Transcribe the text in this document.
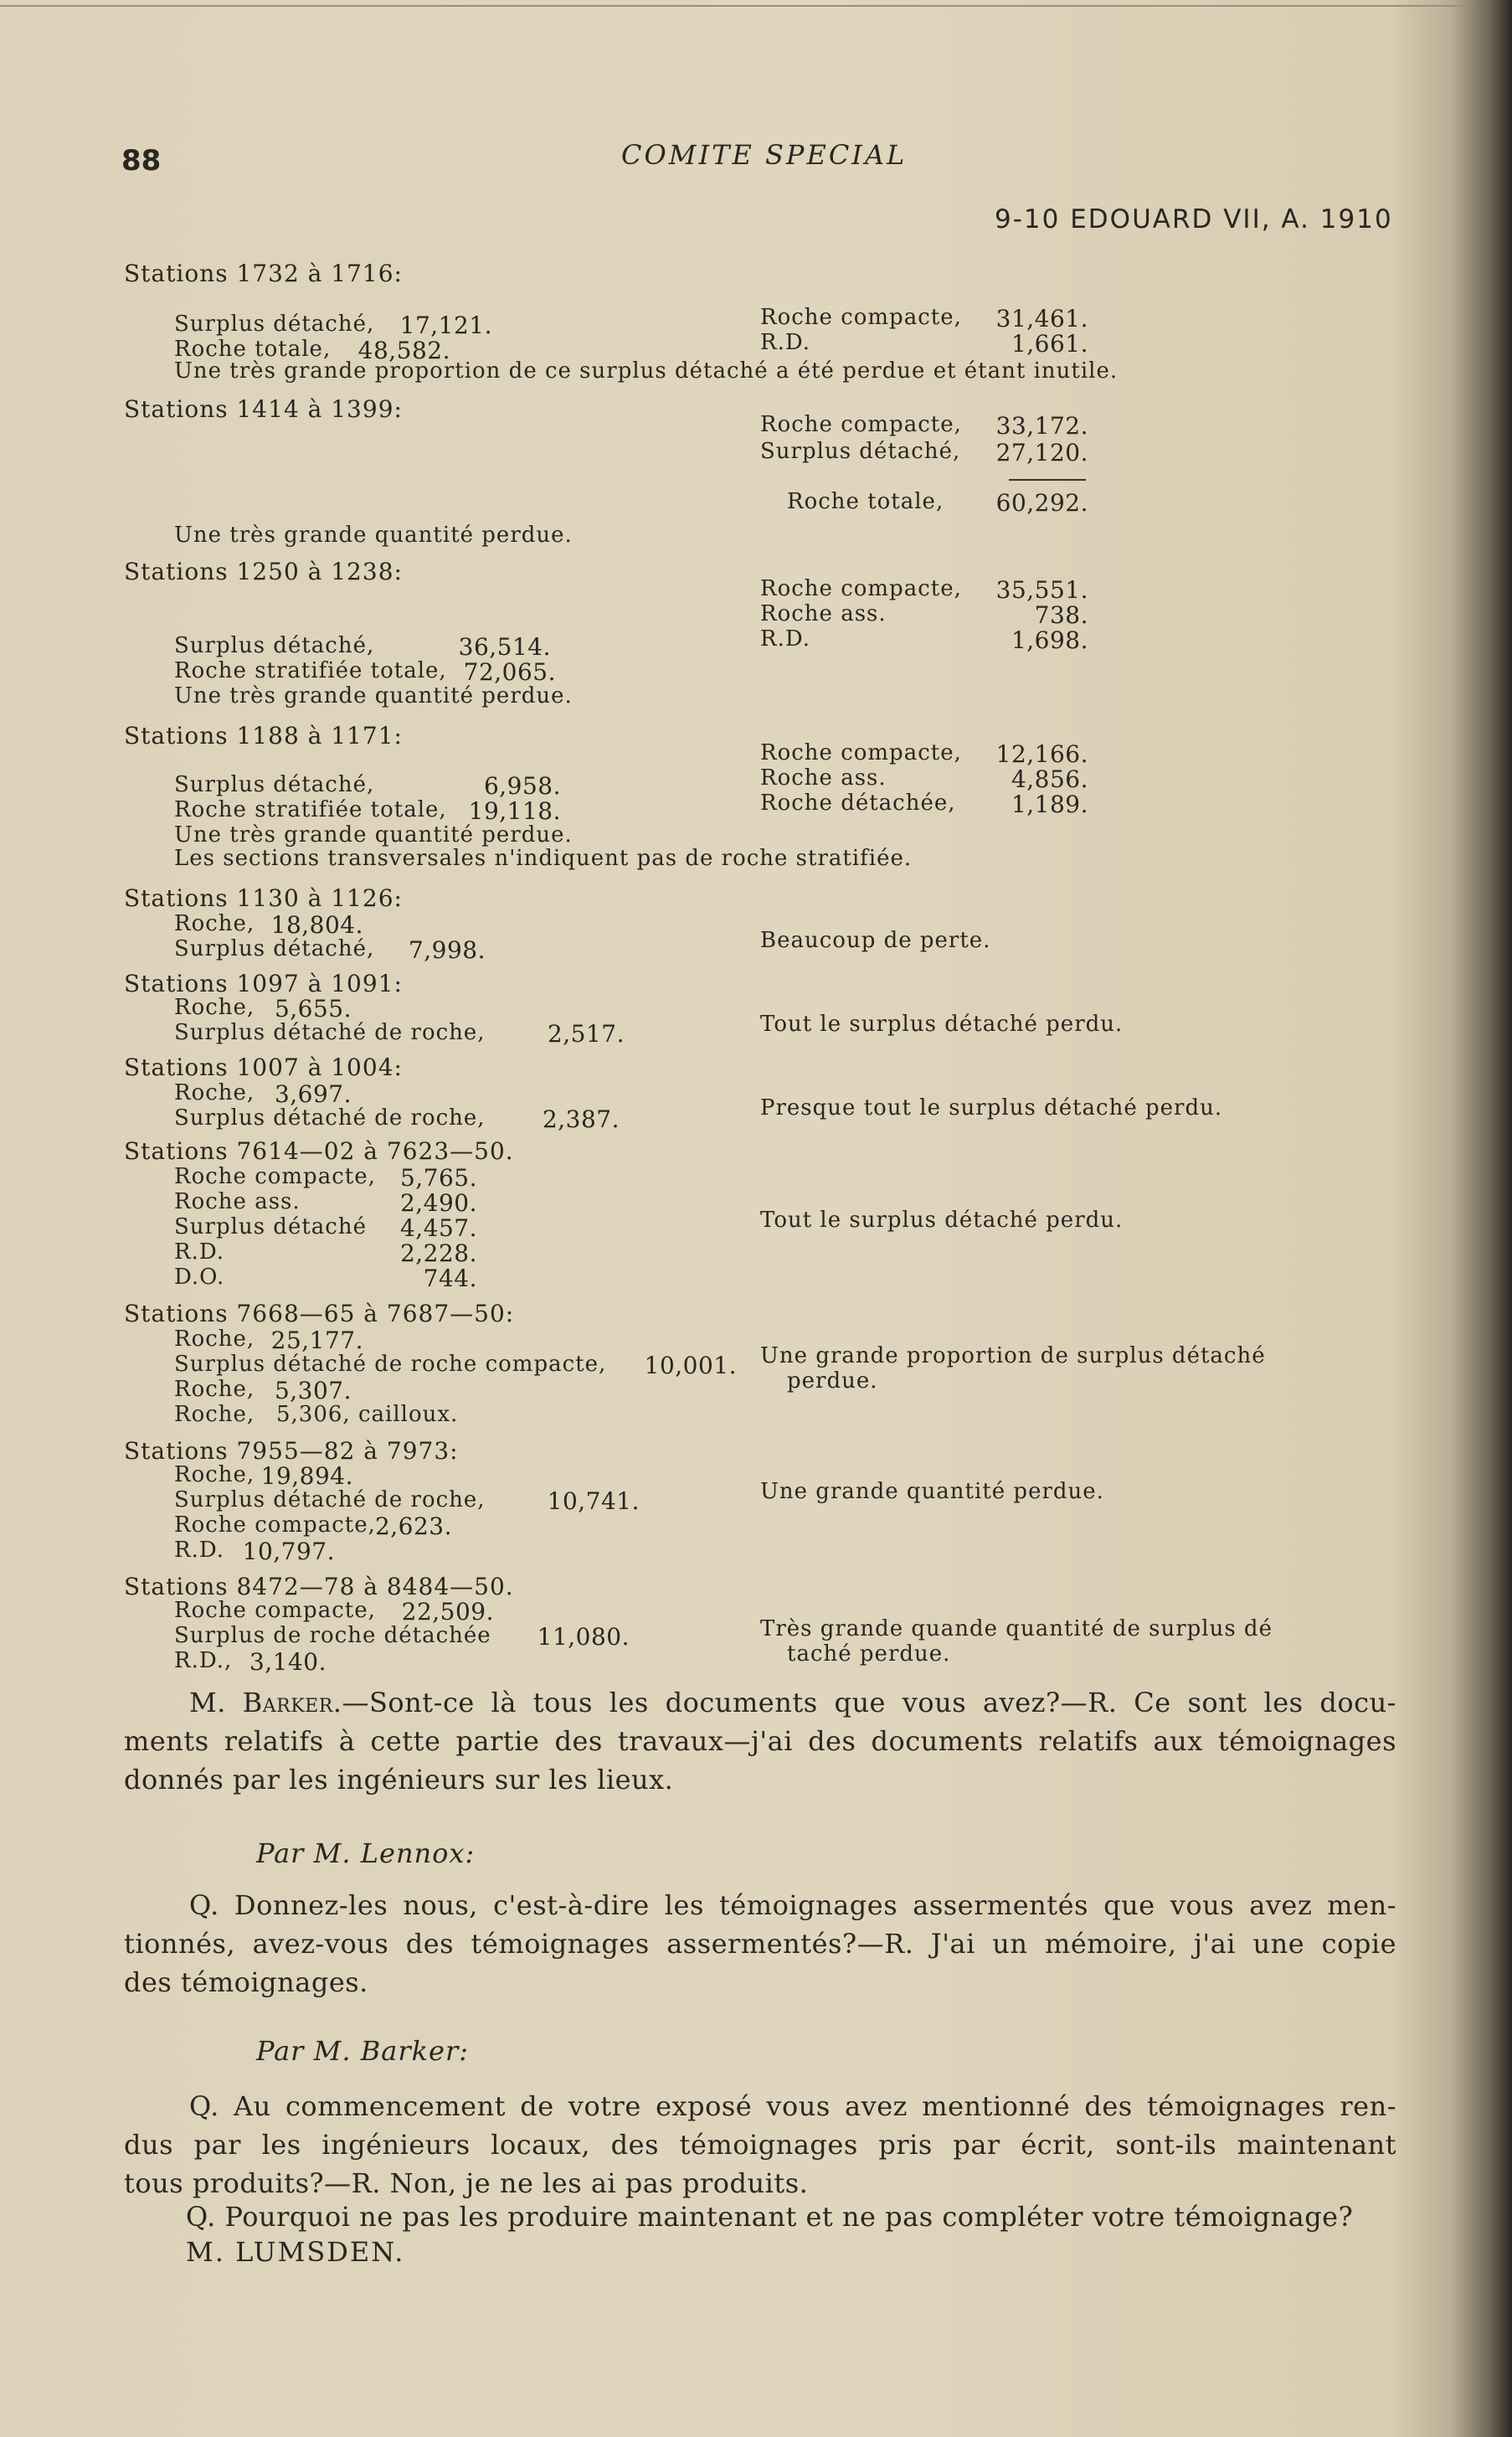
88	COMITE SPECIAL
9-10 EDOUARD VII, A. 1910
Stations 1732 à 1716:
Surplus détaché,	17,121.
Roche totale, 48,582.
Roche compacte,	31,461.
R.D.	1,661.
Une très grande proportion de ce surplus détaché a été perdue et étant inutile.
Stations 1414 à 1399:
Roche compacte,	33,172.
Surplus détaché,	27,120.
Roche totale,	60,292.
Une très grande quantité perdue.
Stations 1250 à 1238:
Roche compacte,	35,551.
Roche ass.	738.
R.D.	1,698.
Surplus détaché,	36,514.
Roche stratifiée totale, 72,065.
Une très grande quantité perdue.
Stations 1188 à 1171:
Roche compacte,	12,166.
Roche ass.	4,856.
Roche détachée,	1,189.
Surplus détaché,	6,958.
Roche stratifiée totale, 19,118.
Une très grande quantité perdue.
Les sections transversales n'indiquent pas de roche stratifiée.
Stations 1130 à 1126:
Roche, 18,804.
Surplus détaché,	7,998.	Beaucoup de perte.
Stations 1097 à 1091:
Roche, 5,655.
Surplus détaché de roche,	2,517.	Tout le surplus détaché perdu.
Stations 1007 à 1004:
Roche, 3,697.
Surplus détaché de roche,	2,387.	Presque tout le surplus détaché perdu.
Stations 7614—02 à 7623—50.
Roche compacte,	5,765.
Roche ass.	2,490.
Surplus détaché	4,457.
R.D.	2,228.
D.O.	744.
Tout le surplus détaché perdu.
Stations 7668—65 à 7687—50:
Roche, 25,177.
Surplus détaché de roche compacte,	10,001.
Roche, 5,307.
Roche, 5,306, cailloux.
Une grande proportion de surplus détaché
perdue.
Stations 7955—82 à 7973:
Roche, 19,894.
Surplus détaché de roche,	10,741.
Roche compacte, 2,623.
R.D. 10,797.
Une grande quantité perdue.
Stations 8472—78 à 8484—50.
Roche compacte,	22,509.
Surplus de roche détachée	11,080.
R.D., 3,140.
Très grande quande quantité de surplus dé
taché perdue.
M. Barker.—Sont-ce là tous les documents que vous avez?—R. Ce sont les docu-
ments relatifs à cette partie des travaux—j'ai des documents relatifs aux témoignages
donnés par les ingénieurs sur les lieux.
Par M. Lennox:
Q. Donnez-les nous, c'est-à-dire les témoignages assermentés que vous avez men-
tionnés, avez-vous des témoignages assermentés?—R. J'ai un mémoire, j'ai une copie
des témoignages.
Par M. Barker:
Q. Au commencement de votre exposé vous avez mentionné des témoignages ren-
dus par les ingénieurs locaux, des témoignages pris par écrit, sont-ils maintenant
tous produits?—R. Non, je ne les ai pas produits.
Q. Pourquoi ne pas les produire maintenant et ne pas compléter votre témoignage?
M. LUMSDEN.
